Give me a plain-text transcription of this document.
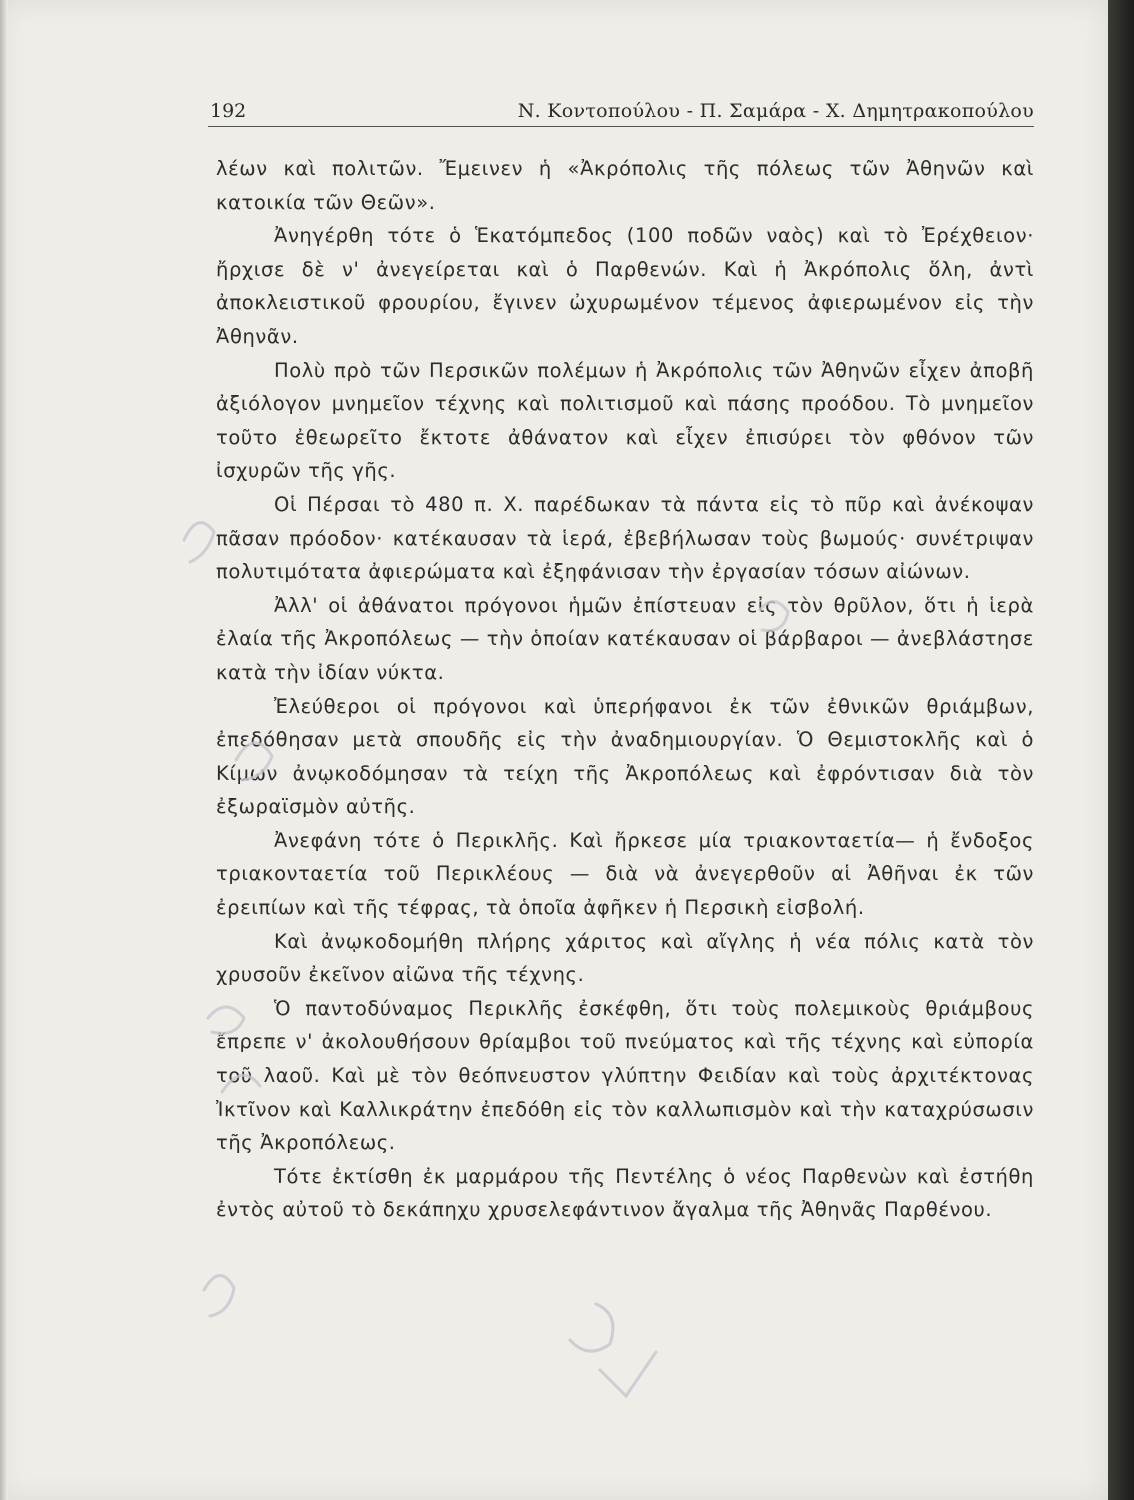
192	Ν. Κοντοπούλου - Π. Σαμάρα - Χ. Δημητρακοπούλου

λέων καὶ πολιτῶν. Ἔμεινεν ἡ «Ἀκρόπολις τῆς πόλεως τῶν Ἀθηνῶν καὶ κατοικία τῶν Θεῶν».

Ἀνηγέρθη τότε ὁ Ἑκατόμπεδος (100 ποδῶν ναὸς) καὶ τὸ Ἐρέχθειον· ἤρχισε δὲ ν' ἀνεγείρεται καὶ ὁ Παρθενών. Καὶ ἡ Ἀκρόπολις ὅλη, ἀντὶ ἀποκλειστικοῦ φρουρίου, ἔγινεν ὠχυρωμένον τέμενος ἀφιερωμένον εἰς τὴν Ἀθηνᾶν.

Πολὺ πρὸ τῶν Περσικῶν πολέμων ἡ Ἀκρόπολις τῶν Ἀθηνῶν εἶχεν ἀποβῆ ἀξιόλογον μνημεῖον τέχνης καὶ πολιτισμοῦ καὶ πάσης προόδου. Τὸ μνημεῖον τοῦτο ἐθεωρεῖτο ἔκτοτε ἀθάνατον καὶ εἶχεν ἐπισύρει τὸν φθόνον τῶν ἰσχυρῶν τῆς γῆς.

Οἱ Πέρσαι τὸ 480 π. Χ. παρέδωκαν τὰ πάντα εἰς τὸ πῦρ καὶ ἀνέκοψαν πᾶσαν πρόοδον· κατέκαυσαν τὰ ἱερά, ἐβεβήλωσαν τοὺς βωμούς· συνέτριψαν πολυτιμότατα ἀφιερώματα καὶ ἐξηφάνισαν τὴν ἐργασίαν τόσων αἰώνων.

Ἀλλ' οἱ ἀθάνατοι πρόγονοι ἡμῶν ἐπίστευαν εἰς τὸν θρῦλον, ὅτι ἡ ἱερὰ ἐλαία τῆς Ἀκροπόλεως — τὴν ὁποίαν κατέκαυσαν οἱ βάρβαροι — ἀνεβλάστησε κατὰ τὴν ἰδίαν νύκτα.

Ἐλεύθεροι οἱ πρόγονοι καὶ ὑπερήφανοι ἐκ τῶν ἐθνικῶν θριάμβων, ἐπεδόθησαν μετὰ σπουδῆς εἰς τὴν ἀναδημιουργίαν. Ὁ Θεμιστοκλῆς καὶ ὁ Κίμων ἀνῳκοδόμησαν τὰ τείχη τῆς Ἀκροπόλεως καὶ ἐφρόντισαν διὰ τὸν ἐξωραϊσμὸν αὐτῆς.

Ἀνεφάνη τότε ὁ Περικλῆς. Καὶ ἤρκεσε μία τριακονταετία— ἡ ἔνδοξος τριακονταετία τοῦ Περικλέους — διὰ νὰ ἀνεγερθοῦν αἱ Ἀθῆναι ἐκ τῶν ἐρειπίων καὶ τῆς τέφρας, τὰ ὁποῖα ἀφῆκεν ἡ Περσικὴ εἰσβολή.

Καὶ ἀνῳκοδομήθη πλήρης χάριτος καὶ αἴγλης ἡ νέα πόλις κατὰ τὸν χρυσοῦν ἐκεῖνον αἰῶνα τῆς τέχνης.

Ὁ παντοδύναμος Περικλῆς ἐσκέφθη, ὅτι τοὺς πολεμικοὺς θριάμβους ἔπρεπε ν' ἀκολουθήσουν θρίαμβοι τοῦ πνεύματος καὶ τῆς τέχνης καὶ εὐπορία τοῦ λαοῦ. Καὶ μὲ τὸν θεόπνευστον γλύπτην Φειδίαν καὶ τοὺς ἀρχιτέκτονας Ἰκτῖνον καὶ Καλλικράτην ἐπεδόθη εἰς τὸν καλλωπισμὸν καὶ τὴν καταχρύσωσιν τῆς Ἀκροπόλεως.

Τότε ἐκτίσθη ἐκ μαρμάρου τῆς Πεντέλης ὁ νέος Παρθενὼν καὶ ἐστήθη ἐντὸς αὐτοῦ τὸ δεκάπηχυ χρυσελεφάντινον ἄγαλμα τῆς Ἀθηνᾶς Παρθένου.
